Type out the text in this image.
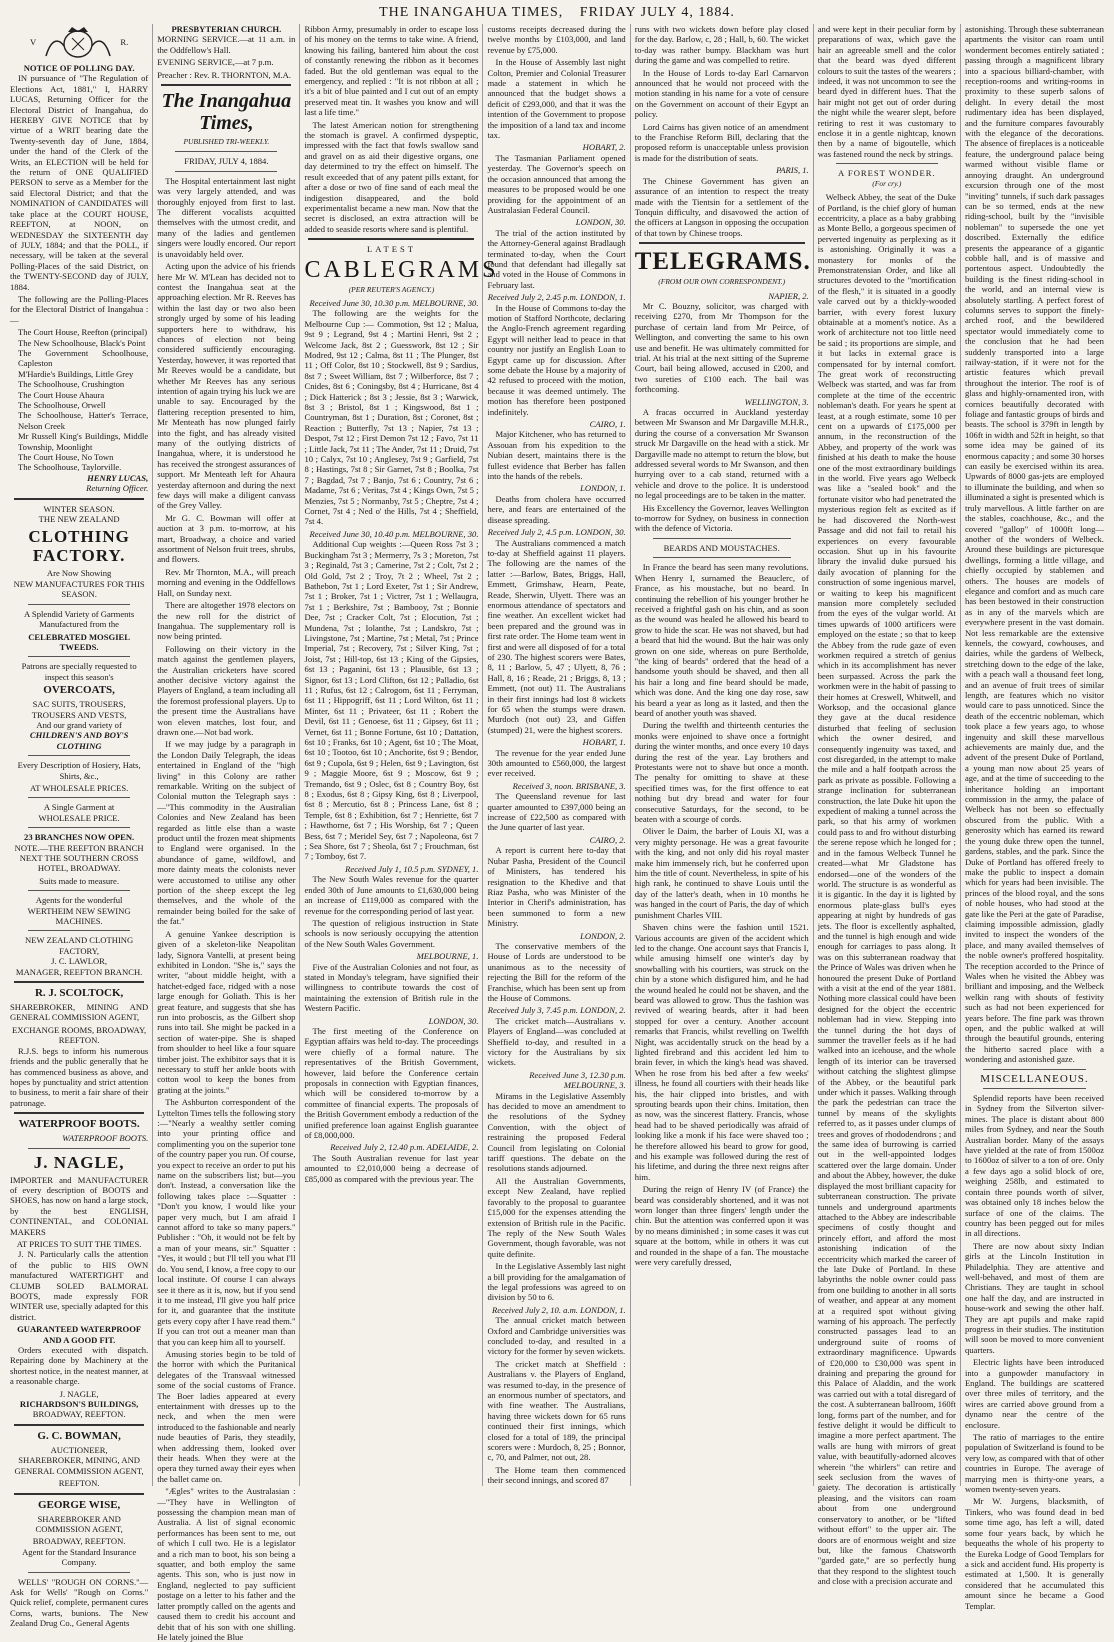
THE INANGAHUA TIMES, FRIDAY JULY 4, 1884.
V	R.
NOTICE OF POLLING DAY.

IN pursuance of "The Regulation of Elections Act, 1881," I, HARRY LUCAS, Returning Officer for the Electoral District of Inangahua, do HEREBY GIVE NOTICE that by virtue of a WRIT bearing date the Twenty-seventh day of June, 1884, under the hand of the Clerk of the Writs, an ELECTION will be held for the return of ONE QUALIFIED PERSON to serve as a Member for the said Electoral District; and that the NOMINATION of CANDIDATES will take place at the COURT HOUSE, REEFTON, at NOON, on WEDNESDAY the SIXTEENTH day of JULY, 1884; and that the POLL, if necessary, will be taken at the several Polling-Places of the said District, on the TWENTY-SECOND day of JULY, 1884.

The following are the Polling-Places for the Electoral District of Inangahua :—

The Court House, Reefton (principal)

The New Schoolhouse, Black's Point

The Government Schoolhouse, Capleston

M'Hardie's Buildings, Little Grey

The Schoolhouse, Crushington

The Court House Ahaura

The Schoolhouse, Orwell

The Schoolhouse, Hatter's Terrace, Nelson Creek

Mr Russell King's Buildings, Middle Township, Moonlight

The Court House, No Town

The Schoolhouse, Taylorville.

HENRY LUCAS,
Returning Officer.
WINTER SEASON.
THE NEW ZEALAND
CLOTHING FACTORY.
Are Now Showing
NEW MANUFACTURES FOR THIS SEASON.

A Splendid Variety of Garments Manufactured from the

CELEBRATED MOSGIEL TWEEDS.

Patrons are specially requested to inspect this season's

OVERCOATS,
SAC SUITS, TROUSERS,
TROUSERS AND VESTS,
And our grand variety of
CHILDREN'S AND BOY'S CLOTHING

Every Description of Hosiery, Hats, Shirts, &c.,

AT WHOLESALE PRICES.
A Single Garment at
WHOLESALE PRICE.
23 BRANCHES NOW OPEN.

NOTE.—THE REEFTON BRANCH NEXT THE SOUTHERN CROSS HOTEL, BROADWAY.

Suits made to measure.
Agents for the wonderful
WERTHEIM NEW SEWING MACHINES.
NEW ZEALAND CLOTHING FACTORY,
J. C. LAWLOR,
MANAGER, REEFTON BRANCH.
R. J. SCOLTOCK,

SHAREBROKER, MINING AND GENERAL COMMISSION AGENT,

EXCHANGE ROOMS, BROADWAY, REEFTON.

R.J.S. begs to inform his numerous friends and the public generally that he has commenced business as above, and hopes by punctuality and strict attention to business, to merit a fair share of their patronage.

WATERPROOF BOOTS.
WATERPROOF BOOTS.
J. NAGLE,

IMPORTER and MANUFACTURER of every description of BOOTS and SHOES, has now on hand a large stock, by the best ENGLISH, CONTINENTAL, and COLONIAL MAKERS

AT PRICES TO SUIT THE TIMES.

J. N. Particularly calls the attention of the public to HIS OWN manufactured WATERTIGHT and CLUMB SOLED BALMORAL BOOTS, made expressly FOR WINTER use, specially adapted for this district.

GUARANTEED WATERPROOF AND A GOOD FIT.

Orders executed with dispatch. Repairing done by Machinery at the shortest notice, in the neatest manner, at a reasonable charge.

J. NAGLE,
RICHARDSON'S BUILDINGS,
BROADWAY, REEFTON.
G. C. BOWMAN,
AUCTIONEER,

SHAREBROKER, MINING, AND GENERAL COMMISSION AGENT,

REEFTON.
GEORGE WISE,

SHAREBROKER AND COMMISSION AGENT,

BROADWAY, REEFTON.

Agent for the Standard Insurance Company.

WELLS' "ROUGH ON CORNS."—Ask for Wells' "Rough on Corns." Quick relief, complete, permanent cures Corns, warts, bunions. The New Zealand Drug Co., General Agents

PRESBYTERIAN CHURCH.

MORNING SERVICE.—at 11 a.m. in the Oddfellow's Hall.

EVENING SERVICE,—at 7 p.m.

Preacher : Rev. R. THORNTON, M.A.

The Inangahua Times,
PUBLISHED TRI-WEEKLY.
FRIDAY, JULY 4, 1884.

The Hospital entertainment last night was very largely attended, and was thoroughly enjoyed from first to last. The different vocalists acquitted themselves with the utmost credit, and many of the ladies and gentlemen singers were loudly encored. Our report is unavoidably held over.

Acting upon the advice of his friends here Mr W. M'Lean has decided not to contest the Inangahua seat at the approaching election. Mr R. Reeves has within the last day or two also been strongly urged by some of his leading supporters here to withdraw, his chances of election not being considered sufficiently encouraging. Yesterday, however, it was reported that Mr Reeves would be a candidate, but whether Mr Reeves has any serious intention of again trying his luck we are unable to say. Encouraged by the flattering reception presented to him, Mr Menteath has now plunged fairly into the fight, and has already visited many of the outlying districts of Inangahua, where, it is understood he has received the strongest assurances of support. Mr Menteath left for Ahaura yesterday afternoon and during the next few days will make a diligent canvass of the Grey Valley.

Mr G. C. Bowman will offer at auction at 3 p.m. to-morrow, at his mart, Broadway, a choice and varied assortment of Nelson fruit trees, shrubs, and flowers.

Rev. Mr Thornton, M.A., will preach morning and evening in the Oddfellows Hall, on Sunday next.

There are altogether 1978 electors on the new roll for the district of Inangahua. The supplementary roll is now being printed.

Following on their victory in the match against the gentlemen players, the Australian cricketers have scored another decisive victory against the Players of England, a team including all the foremost professional players. Up to the present time the Australians have won eleven matches, lost four, and drawn one.—Not bad work.

If we may judge by a paragraph in the London Daily Telegraph, the ideas entertained in England of the "high living" in this Colony are rather remarkable. Writing on the subject of Colonial mutton the Telegraph says :—"This commodity in the Australian Colonies and New Zealand has been regarded as little else than a waste product until the frozen meat shipments to England were organised. In the abundance of game, wildfowl, and more dainty meats the colonists never were accustomed to utilise any other portion of the sheep except the leg themselves, and the whole of the remainder being boiled for the sake of the fat."

A genuine Yankee description is given of a skeleton-like Neapolitan lady, Signora Vantelli, at present being exhibited in London. "She is," says the writer, "about middle height, with a hatchet-edged face, ridged with a nose large enough for Goliath. This is her great feature, and suggests that she has run into proboscis, as the Gilbert shop runs into tail. She might be packed in a section of water-pipe. She is shaped from shoulder to heel like a four square timber joist. The exhibitor says that it is necessary to stuff her ankle boots with cotton wool to keep the bones from grating at the joints."

The Ashburton correspondent of the Lyttelton Times tells the following story :—"Nearly a wealthy settler coming into your printing office and complimenting you on the superior tone of the country paper you run. Of course, you expect to receive an order to put his name on the subscribers list; but—you don't. Instead, a conversation like the following takes place :—Squatter : "Don't you know, I would like your paper very much, but I am afraid I cannot afford to take so many papers." Publisher : "Oh, it would not be felt by a man of your means, sir." Squatter : "Yes, it would ; but I'll tell you what I'll do. You send, I know, a free copy to our local institute. Of course I can always see it there as it is, now, but if you send it to me instead, I'll give you half price for it, and guarantee that the institute gets every copy after I have read them." If you can trot out a meaner man than that you can keep him all to yourself.

Amusing stories begin to be told of the horror with which the Puritanical delegates of the Transvaal witnessed some of the social customs of France. The Boer ladies appeared at every entertainment with dresses up to the neck, and when the men were introduced to the fashionable and nearly nude beauties of Paris, they steadily, when addressing them, looked over their heads. When they were at the opera they turned away their eyes when the ballet came on.

"Ægles" writes to the Australasian :—"They have in Wellington of possessing the champion mean man of Australia. A list of signal economic performances has been sent to me, out of which I cull two. He is a legislator and a rich man to boot, his son being a squatter, and both employ the same agents. This son, who is just now in England, neglected to pay sufficient postage on a letter to his father and the latter promptly called on the agents and caused them to credit his account and debit that of his son with one shilling. He lately joined the Blue

Ribbon Army, presumably in order to escape loss of his money on the terms to take wine. A friend, knowing his failing, bantered him about the cost of constantly renewing the ribbon as it becomes faded. But the old gentleman was equal to the emergency, and replied : "It is not ribbon at all ; it's a bit of blue painted and I cut out of an empty preserved meat tin. It washes you know and will last a life time."

The latest American notion for strengthening the stomach is gravel. A confirmed dyspeptic, impressed with the fact that fowls swallow sand and gravel on as aid their digestive organs, one day determined to try the effect on himself. The result exceeded that of any patent pills extant, for after a dose or two of fine sand of each meal the indigestion disappeared, and the bold experimentalist became a new man. Now that the secret is disclosed, an extra attraction will be added to seaside resorts where sand is plentiful.

LATEST
CABLEGRAMS
(PER REUTER'S AGENCY.)
Received June 30, 10.30 p.m. MELBOURNE, 30.

The following are the weights for the Melbourne Cup :— Commotion, 9st 12 ; Malua, 9st 9 ; Legrand, 9st 4 ; Martini Henri, 9st 2 ; Welcome Jack, 8st 2 ; Guesswork, 8st 12 ; Sir Modred, 9st 12 ; Calma, 8st 11 ; The Plunger, 8st 11 ; Off Color, 8st 10 ; Stockwell, 8st 9 ; Sardius, 8st 7 ; Sweet William, 8st 7 ; Wilberforce, 8st 7 ; Cnides, 8st 6 ; Coningsby, 8st 4 ; Hurricane, 8st 4 ; Dick Hatterick ; 8st 3 ; Jessie, 8st 3 ; Warwick, 8st 3 ; Bristol, 8st 1 ; Kingswood, 8st 1 ; Countryman, 8st 1 ; Duration, 8st ; Coronet, 8st ; Reaction ; Butterfly, 7st 13 ; Napier, 7st 13 ; Despot, 7st 12 ; First Demon 7st 12 ; Favo, 7st 11 ; Little Jack, 7st 11 ; The Ander, 7st 11 ; Druid, 7st 10 ; Calyx, 7st 10 ; Anglesey, 7st 9 ; Garfield, 7st 8 ; Hastings, 7st 8 ; Sir Garnet, 7st 8 ; Boolka, 7st 7 ; Bagdad, 7st 7 ; Banjo, 7st 6 ; Country, 7st 6 ; Madame, 7st 6 ; Veritas, 7st 4 ; Kings Own, 7st 5 ; Menzies, 7st 5 ; Normanby, 7st 5 ; Cheptre, 7st 4 ; Cornet, 7st 4 ; Ned o' the Hills, 7st 4 ; Sheffield, 7st 4.

Received June 30, 10.40 p.m. MELBOURNE, 30.

Additional Cup weights :—Queen Ross 7st 3 ; Buckingham 7st 3 ; Mermerry, 7s 3 ; Moreton, 7st 3 ; Reginald, 7st 3 ; Camerine, 7st 2 ; Colt, 7st 2 ; Old Gold, 7st 2 ; Troy, 7t 2 ; Wheel, 7st 2 ; Bathebon, 7st 1 ; Lord Exeter, 7st 1 ; Sir Andrew, 7st 1 ; Broker, 7st 1 ; Victrer, 7st 1 ; Wellaugra, 7st 1 ; Berkshire, 7st ; Bambooy, 7st ; Bonnie Dee, 7st ; Cracker Colt, 7st ; Elocution, 7st ; Mundena, 7st ; Iolanthe, 7st ; Landskro, 7st ; Livingstone, 7st ; Martine, 7st ; Metal, 7st ; Prince Imperial, 7st ; Recovery, 7st ; Silver King, 7st ; Joist, 7st ; Hill-top, 6st 13 ; King of the Gipsies, 6st 13 ; Paganini, 6st 13 ; Plausible, 6st 13 ; Signor, 6st 13 ; Lord Clifton, 6st 12 ; Palladio, 6st 11 ; Rufus, 6st 12 ; Calrogom, 6st 11 ; Ferryman, 6st 11 ; Hippogriff, 6st 11 ; Lord Wilton, 6st 11 ; Minter, 6st 11 ; Privateer, 6st 11 ; Robert the Devil, 6st 11 ; Genoese, 6st 11 ; Gipsey, 6st 11 ; Vernet, 6st 11 ; Bonne Fortune, 6st 10 ; Dattation, 6st 10 ; Franks, 6st 10 ; Agent, 6st 10 ; The Moat, 6st 10 ; Tootoo, 6st 10 ; Anchorite, 6st 9 ; Bendor, 6st 9 ; Cupola, 6st 9 ; Helen, 6st 9 ; Lavington, 6st 9 ; Maggie Moore, 6st 9 ; Moscow, 6st 9 ; Tremando, 6st 9 ; Oslec, 6st 8 ; Country Boy, 6st 8 ; Exodus, 6st 8 ; Gipsy King, 6st 8 ; Liverpool, 6st 8 ; Mercutio, 6st 8 ; Princess Lane, 6st 8 ; Temple, 6st 8 ; Exhibition, 6st 7 ; Henriette, 6st 7 ; Hawthorne, 6st 7 ; His Worship, 6st 7 ; Queen Bess, 6st 7 ; Meridel Sey, 6st 7 ; Napoleona, 6st 7 ; Sea Shore, 6st 7 ; Sheola, 6st 7 ; Frouchman, 6st 7 ; Tomboy, 6st 7.

Received July 1, 10.5 p.m. SYDNEY, 1.

The New South Wales revenue for the quarter ended 30th of June amounts to £1,630,000 being an increase of £119,000 as compared with the revenue for the corresponding period of last year.

The question of religious instruction in State schools is now seriously occupying the attention of the New South Wales Government.

MELBOURNE, 1.

Five of the Australian Colonies and not four, as stated in Monday's telegram, have signified their willingness to contribute towards the cost of maintaining the extension of British rule in the Western Pacific.

LONDON, 30.

The first meeting of the Conference on Egyptian affairs was held to-day. The proceedings were chiefly of a formal nature. The representatives of the British Government, however, laid before the Conference certain proposals in connection with Egyptian finances, which will be considered to-morrow by a committee of financial experts. The proposals of the British Government embody a reduction of the unified preference loan against English guarantee of £8,000,000.

Received July 2, 12.40 p.m. ADELAIDE, 2.

The South Australian revenue for last year amounted to £2,010,000 being a decrease of £85,000 as compared with the previous year. The

customs receipts decreased during the twelve months by £103,000, and land revenue by £75,000.

In the House of Assembly last night Colton, Premier and Colonial Treasurer made a statement in which he announced that the budget shows a deficit of £293,000, and that it was the intention of the Government to propose the imposition of a land tax and income tax.

HOBART, 2.

The Tasmanian Parliament opened yesterday. The Governor's speech on the occasion announced that among the measures to be proposed would be one providing for the appointment of an Australasian Federal Council.

LONDON, 30.

The trial of the action instituted by the Attorney-General against Bradlaugh terminated to-day, when the Court found that defendant had illegally sat and voted in the House of Commons in February last.

Received July 2, 2.45 p.m. LONDON, 1.

In the House of Commons to-day the motion of Stafford Northcote, declaring the Anglo-French agreement regarding Egypt will neither lead to peace in that country nor justify an English Loan to Egypt came up for discussion. After some debate the House by a majority of 42 refused to proceed with the motion, because it was deemed untimely. The motion has therefore been postponed indefinitely.

CAIRO, 1.

Major Kitchener, who has returned to Assouan from his expedition to the Nubian desert, maintains there is the fullest evidence that Berber has fallen into the hands of the rebels.

LONDON, 1.

Deaths from cholera have occurred here, and fears are entertained of the disease spreading.

Received July 2, 4.5 p.m. LONDON, 30.

The Australians commenced a match to-day at Sheffield against 11 players. The following are the names of the latter :—Barlow, Bates, Briggs, Hall, Emmett, Grimshaw, Hearn, Peate, Reade, Sherwin, Ulyett. There was an enormous attendance of spectators and fine weather. An excellent wicket had been prepared and the ground was in first rate order. The Home team went in first and were all disposed of for a total of 230. The highest scorers were Bates, 8, 11 ; Barlow, 5, 47 ; Ulyett, 8, 76 ; Hall, 8, 16 ; Reade, 21 ; Briggs, 8, 13 ; Emmett, (not out) 11. The Australians in their first innings had lost 8 wickets for 65 when the stumps were drawn. Murdoch (not out) 23, and Giffen (stumped) 21, were the highest scorers.

HOBART, 1.

The revenue for the year ended June 30th amounted to £560,000, the largest ever received.

Received 3, noon. BRISBANE, 3.

The Queensland revenue for last quarter amounted to £397,000 being an increase of £22,500 as compared with the June quarter of last year.

CAIRO, 2.

A report is current here to-day that Nubar Pasha, President of the Council of Ministers, has tendered his resignation to the Khedive and that Riaz Pasha, who was Minister of the Interior in Cherif's administration, has been summoned to form a new Ministry.

LONDON, 2.

The conservative members of the House of Lords are understood to be unanimous as to the necessity of rejecting the Bill for the reform of the Franchise, which has been sent up from the House of Commons.

Received July 3, 7.45 p.m. LONDON, 2.

The cricket match—Australians v. Players of England—was concluded at Sheffield to-day, and resulted in a victory for the Australians by six wickets.

Received June 3, 12.30 p.m. MELBOURNE, 3.

Mirams in the Legislative Assembly has decided to move an amendment to the resolutions of the Sydney Convention, with the object of restraining the proposed Federal Council from legislating on Colonial tariff questions. The debate on the resolutions stands adjourned.

All the Australian Governments, except New Zealand, have replied favorably to the proposal to guarantee £15,000 for the expenses attending the extension of British rule in the Pacific. The reply of the New South Wales Government, though favorable, was not quite definite.

In the Legislative Assembly last night a bill providing for the amalgamation of the legal professions was agreed to on division by 50 to 6.

Received July 2, 10. a.m. LONDON, 1.

The annual cricket match between Oxford and Cambridge universities was concluded to-day, and resulted in a victory for the former by seven wickets.

The cricket match at Sheffield : Australians v. the Players of England, was resumed to-day, in the presence of an enormous number of spectators, and with fine weather. The Australians, having three wickets down for 65 runs continued their first innings, which closed for a total of 189, the principal scorers were : Murdoch, 8, 25 ; Bonnor, c, 70, and Palmer, not out, 28.

The Home team then commenced their second innings, and scored 87

runs with two wickets down before play closed for the day. Barlow, c, 28 ; Hall, b, 60. The wicket to-day was rather bumpy. Blackham was hurt during the game and was compelled to retire.

In the House of Lords to-day Earl Carnarvon announced that he would not proceed with the motion standing in his name for a vote of censure on the Government on account of their Egypt an policy.

Lord Cairns has given notice of an amendment to the Franchise Reform Bill, declaring that the proposed reform is unacceptable unless provision is made for the distribution of seats.

PARIS, 1.

The Chinese Government has given an assurance of an intention to respect the treaty made with the Tientsin for a settlement of the Tonquin difficulty, and disavowed the action of the officers at Langson in opposing the occupation of that town by Chinese troops.

TELEGRAMS.
(FROM OUR OWN CORRESPONDENT.)
NAPIER, 2.

Mr C. Bouzny, solicitor, was charged with receiving £270, from Mr Thompson for the purchase of certain land from Mr Peirce, of Wellington, and converting the same to his own use and benefit. He was ultimately committed for trial. At his trial at the next sitting of the Supreme Court, bail being allowed, accused in £200, and two sureties of £100 each. The bail was forthcoming.

WELLINGTON, 3.

A fracas occurred in Auckland yesterday between Mr Swanson and Mr Dargaville M.H.R., during the course of a conversation Mr Swanson struck Mr Dargaville on the head with a stick. Mr Dargaville made no attempt to return the blow, but addressed several words to Mr Swanson, and then hurrying over to a cab stand, returned with a vehicle and drove to the police. It is understood no legal proceedings are to be taken in the matter.

His Excellency the Governor, leaves Wellington to-morrow for Sydney, on business in connection with the defence of Victoria.

BEARDS AND MOUSTACHES.

In France the beard has seen many revolutions. When Henry I, surnamed the Beauclerc, of France, as his moustache, but no beard. In continuing the rebellion of his younger brother he received a frightful gash on his chin, and as soon as the wound was healed he allowed his beard to grow to hide the scar. He was not shaved, but had a beard that hid the wound. But the hair was only grown on one side, whereas on pure Bertholde, "the king of beards" ordered that the head of a handsome youth should be shaved, and then all his hair a long and fine beard should be made, which was done. And the king one day rose, saw his beard a year as long as it lasted, and then the beard of another youth was shaved.

During the twelfth and thirteenth centuries the monks were enjoined to shave once a fortnight during the winter months, and once every 10 days during the rest of the year. Lay brothers and Protestants were not to shave but once a month. The penalty for omitting to shave at these specified times was, for the first offence to eat nothing but dry bread and water for four consecutive Saturdays, for the second, to be beaten with a scourge of cords.

Oliver le Daim, the barber of Louis XI, was a very mighty personage. He was a great favourite with the king, and not only did his royal master make him immensely rich, but he conferred upon him the title of count. Nevertheless, in spite of his high rank, he continued to shave Louis until the day of the latter's death, when in 10 months he was hanged in the court of Paris, the day of which punishment Charles VIII.

Shaven chins were the fashion until 1521. Various accounts are given of the accident which led to the change. One account says that Francis I, while amusing himself one winter's day by snowballing with his courtiers, was struck on the chin by a stone which disfigured him, and he had the wound healed he could not be shaven, and the beard was allowed to grow. Thus the fashion was revived of wearing beards, after it had been stopped for over a century. Another account remarks that Francis, whilst revelling on Twelfth Night, was accidentally struck on the head by a lighted firebrand and this accident led him to brain fever, in which the king's head was shaved. When he rose from his bed after a few weeks' illness, he found all courtiers with their heads like his, the hair clipped into bristles, and with sprouting beards upon their chins. Imitation, then as now, was the sincerest flattery. Francis, whose head had to be shaved periodically was afraid of looking like a monk if his face were shaved too ; he therefore allowed his beard to grow for good, and his example was followed during the rest of his lifetime, and during the three next reigns after him.

During the reign of Henry IV (of France) the beard was considerably shortened, and it was not worn longer than three fingers' length under the chin. But the attention was conferred upon it was by no means diminished ; in some cases it was cut square at the bottom, while in others it was cut and rounded in the shape of a fan. The moustache were very carefully dressed,

and were kept in their peculiar form by preparations of wax, which gave the hair an agreeable smell and the color that the beard was dyed different colours to suit the tastes of the wearers ; indeed, it was not uncommon to see the beard dyed in different hues. That the hair might not get out of order during the night while the wearer slept, before retiring to rest it was customary to enclose it in a gentle nightcap, known then by a name of bigoutelle, which was fastened round the neck by strings.

A FOREST WONDER.
(For cry.)

Welbeck Abbey, the seat of the Duke of Portland, is the chief glory of human eccentricity, a place as a baby grabbing as Monte Bello, a gorgeous specimen of perverted ingenuity as perplexing as it is astonishing. Originally it was a monastery for monks of the Premonstratensian Order, and like all structures devoted to the "mortification of the flesh," it is situated in a goodly vale carved out by a thickly-wooded barrier, with every forest luxury obtainable at a moment's notice. As a work of architecture not too little need be said ; its proportions are simple, and it but lacks in external grace is compensated for by internal comfort. The great work of reconstructing Welbeck was started, and was far from complete at the time of the eccentric nobleman's death. For years he spent at least, at a rough estimate, some 10 per cent on a upwards of £175,000 per annum, in the reconstruction of the Abbey, and property of the work was finished at his death to make the house one of the most extraordinary buildings in the world. Five years ago Welbeck was like a "sealed book" and the fortunate visitor who had penetrated the mysterious region felt as excited as if he had discovered the North-west Passage and did not fail to retail his experiences on every favourable occasion. Shut up in his favourite library the invalid duke pursued his daily avocation of planning for the construction of some ingenious marvel, or waiting to keep his magnificent mansion more completely secluded from the eyes of the vulgar world. At times upwards of 1000 artificers were employed on the estate ; so that to keep the Abbey from the rude gaze of even workmen required a stretch of genius which in its accomplishment has never been surpassed. Across the park the workmen were in the habit of passing to their homes at Creswell, Whitwell, and Worksop, and the occasional glance they gave at the ducal residence disturbed that feeling of seclusion which the owner desired, and consequently ingenuity was taxed, and cost disregarded, in the attempt to make the mile and a half footpath across the park as private as possible. Following a strange inclination for subterranean construction, the late Duke hit upon the expedient of making a tunnel across the park, so that his army of workmen could pass to and fro without disturbing the serene repose which he longed for ; and in the famous Welbeck Tunnel he created—what Mr Gladstone has endorsed—one of the wonders of the world. The structure is as wonderful as it is gigantic. In the day it is lighted by enormous plate-glass bull's eyes appearing at night by hundreds of gas jets. The floor is excellently asphalted, and the tunnel is high enough and wide enough for carriages to pass along. It was on this subterranean roadway that the Prince of Wales was driven when he honoured the present Duke of Portland with a visit at the end of the year 1881. Nothing more classical could have been designed for the object the eccentric nobleman had in view. Stepping into the tunnel during the hot days of summer the traveller feels as if he had walked into an icehouse, and the whole length of its interior can be traversed without catching the slightest glimpse of the Abbey, or the beautiful park under which it passes. Walking through the park the pedestrian can trace the tunnel by means of the skylights referred to, as it passes under clumps of trees and groves of rhododendrons ; and the same idea of burrowing is carried out in the well-appointed lodges scattered over the large domain. Under and about the Abbey, however, the duke displayed the most brilliant capacity for subterranean construction. The private tunnels and underground apartments attached to the Abbey are indescribable specimens of costly thought and princely effort, and afford the most astonishing indication of the eccentricity which marked the career of the late Duke of Portland. In these labyrinths the noble owner could pass from one building to another in all sorts of weather, and appear at any moment at a required spot without giving warning of his approach. The perfectly constructed passages lead to an underground suite of rooms of extraordinary magnificence. Upwards of £20,000 to £30,000 was spent in draining and preparing the ground for this Palace of Aladdin, and the work was carried out with a total disregard of the cost. A subterranean ballroom, 160ft long, forms part of the number, and for festive delight it would be difficult to imagine a more perfect apartment. The walls are hung with mirrors of great value, with beautifully-adorned alcoves wherein "the whirlers" can retire and seek seclusion from the waves of gaiety. The decoration is artistically pleasing, and the visitors can roam about from one underground conservatory to another, or be "lifted without effort" to the upper air. The doors are of enormous weight and size but, like the famous Chatsworth "garded gate," are so perfectly hung that they respond to the slightest touch and close with a precision accurate and

astonishing. Through these subterranean apartments the visitor can roam until wonderment becomes entirely satiated ; passing through a magnificent library into a spacious billiard-chamber, with reception-rooms and writing-rooms in proximity to these superb salons of delight. In every detail the most rudimentary idea has been displayed, and the furniture compares favourably with the elegance of the decorations. The absence of fireplaces is a noticeable feature, the underground palace being warmed without visible flame or annoying draught. An underground excursion through one of the most "inviting" tunnels, if such dark passages can be so termed, ends at the new riding-school, built by the "invisible nobleman" to supersede the one yet doscribed. Externally the edifice presents the appearance of a gigantic cobble hall, and is of massive and portentous aspect. Undoubtedly the building is the finest riding-school in the world, and an internal view is absolutely startling. A perfect forest of columns serves to support the finely-arched roof, and the bewildered spectator would immediately come to the conclusion that he had been suddenly transported into a large railway-station, if it were not for the artistic features which prevail throughout the interior. The roof is of glass and highly-ornamented iron, with cornices beautifully decorated with foliage and fantastic groups of birds and beasts. The school is 379ft in length by 106ft in width and 52ft in height, so that some idea may be gained of its enormous capacity ; and some 30 horses can easily be exercised within its area. Upwards of 8000 gas-jets are employed to illuminate the building, and when so illuminated a sight is presented which is truly marvellous. A little farther on are the stables, coachhouse, &c., and the covered "gallop" of 1000ft long—another of the wonders of Welbeck. Around these buildings are picturesque dwellings, forming a little village, and chiefly occupied by stablemen and others. The houses are models of elegance and comfort and as much care has been bestowed in their construction as in any of the marvels which are everywhere present in the vast domain. Not less remarkable are the extensive kennels, the cowyard, cowhouses, and dairies, while the gardens of Welbeck, stretching down to the edge of the lake, with a peach wall a thousand feet long, and an avenue of fruit trees of similar length, are features which no visitor would care to pass unnoticed. Since the death of the eccentric nobleman, which took place a few years ago, to whose ingenuity and skill these marvellous achievements are mainly due, and the advent of the present Duke of Portland, a young man now about 25 years of age, and at the time of succeeding to the inheritance holding an important commission in the army, the palace of Welbeck has not been so effectually obscured from the public. With a generosity which has earned its reward the young duke threw open the tunnel, gardens, stables, and the park. Since the Duke of Portland has offered freely to make the public to inspect a domain which for years had been invisible. The princes of the blood royal, and the sons of noble houses, who had stood at the gate like the Peri at the gate of Paradise, claiming impossible admission, gladly invited to inspect the wonders of the place, and many availed themselves of the noble owner's proffered hospitality. The reception accorded to the Prince of Wales when he visited the Abbey was brilliant and imposing, and the Welbeck welkin rang with shouts of festivity such as had not been experienced for years before. The fine park was thrown open, and the public walked at will through the beautiful grounds, entering the hitherto sacred place with a wondering and astonished gaze.

MISCELLANEOUS.

Splendid reports have been received in Sydney from the Silverton silver-mines. The place is distant about 800 miles from Sydney, and near the South Australian border. Many of the assays have yielded at the rate of from 1500oz to 1600oz of silver to a ton of ore. Only a few days ago a solid block of ore, weighing 258lb, and estimated to contain three pounds worth of silver, was obtained only 18 inches below the surface of one of the claims. The country has been pegged out for miles in all directions.

There are now about sixty Indian girls at the Lincoln Institution in Philadelphia. They are attentive and well-behaved, and most of them are Christians. They are taught in school one half the day, and are instructed in house-work and sewing the other half. They are apt pupils and make rapid progress in their studies. The institution will soon be moved to more convenient quarters.

Electric lights have been introduced into a gunpowder manufactory in England. The buildings are scattered over three miles of territory, and the wires are carried above ground from a dynamo near the centre of the enclosure.

The ratio of marriages to the entire population of Switzerland is found to be very low, as compared with that of other countries in Europe. The average of marrying men is thirty-one years, a women twenty-seven years.

Mr W. Jurgens, blacksmith, of Tinkers, who was found dead in bed some time ago, has left a will, dated some four years back, by which he bequeaths the whole of his property to the Eureka Lodge of Good Templars for a sick and accident fund. His property is estimated at 1,500. It is generally considered that he accumulated this amount since he became a Good Templar.
